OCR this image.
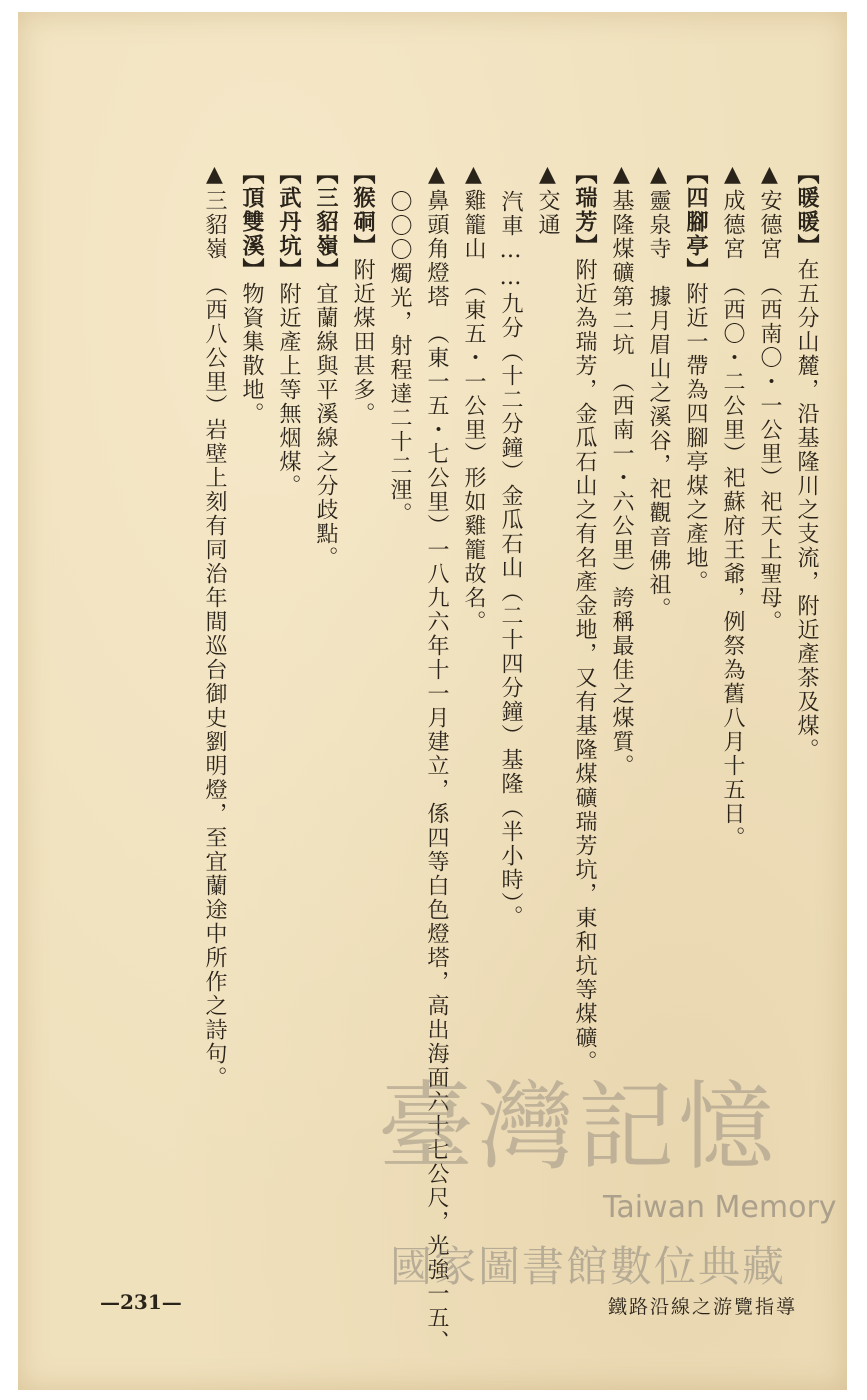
【暖暖】在五分山麓，沿基隆川之支流，附近產茶及煤。
▲安德宮　（西南〇・一公里）祀天上聖母。
▲成德宮　（西〇・二公里）祀蘇府王爺，例祭為舊八月十五日。
【四腳亭】附近一帶為四腳亭煤之產地。
▲靈泉寺　據月眉山之溪谷，祀觀音佛祖。
▲基隆煤礦第二坑　（西南一・六公里）誇稱最佳之煤質。
【瑞芳】附近為瑞芳，金瓜石山之有名產金地，又有基隆煤礦瑞芳坑，東和坑等煤礦。
▲交通
汽車……九分（十二分鐘）金瓜石山（二十四分鐘）基隆（半小時）。
▲雞籠山　（東五・一公里）形如雞籠故名。
▲鼻頭角燈塔　（東一五・七公里）一八九六年十一月建立，係四等白色燈塔，高出海面六十七公尺，光強一五、
〇〇〇燭光，射程達二十二浬。
【猴硐】附近煤田甚多。
【三貂嶺】宜蘭線與平溪線之分歧點。
【武丹坑】附近產上等無烟煤。
【頂雙溪】物資集散地。
▲三貂嶺　（西八公里）岩壁上刻有同治年間巡台御史劉明燈，至宜蘭途中所作之詩句。
臺灣記憶
Taiwan Memory
國家圖書館數位典藏
—231—	鐵路沿線之游覽指導
